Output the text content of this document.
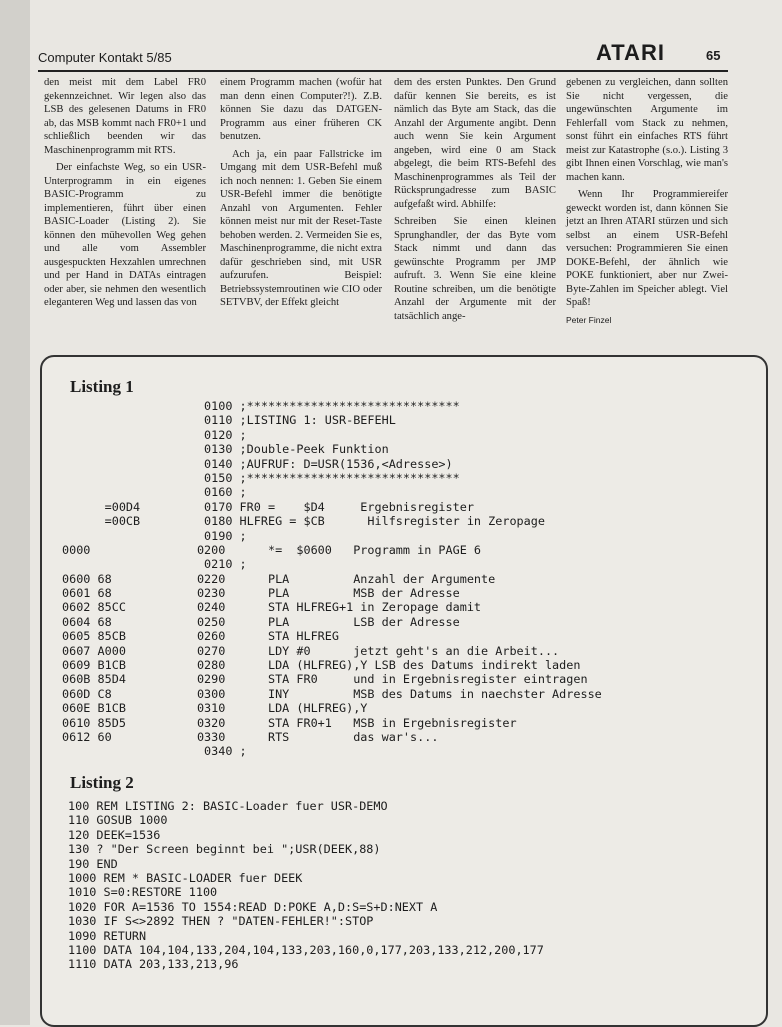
Computer Kontakt 5/85	ATARI	65

den meist mit dem Label FR0 gekennzeichnet. Wir legen also das LSB des gelesenen Datums in FR0 ab, das MSB kommt nach FR0+1 und schließlich beenden wir das Maschinenprogramm mit RTS.

Der einfachste Weg, so ein USR-Unterprogramm in ein eigenes BASIC-Programm zu implementieren, führt über einen BASIC-Loader (Listing 2). Sie können den mühevollen Weg gehen und alle vom Assembler ausgespuckten Hexzahlen umrechnen und per Hand in DATAs eintragen oder aber, sie nehmen den wesentlich eleganteren Weg und lassen das von

einem Programm machen (wofür hat man denn einen Computer?!). Z.B. können Sie dazu das DATGEN-Programm aus einer früheren CK benutzen.

Ach ja, ein paar Fallstricke im Umgang mit dem USR-Befehl muß ich noch nennen: 1. Geben Sie einem USR-Befehl immer die benötigte Anzahl von Argumenten. Fehler können meist nur mit der Reset-Taste behoben werden. 2. Vermeiden Sie es, Maschinenprogramme, die nicht extra dafür geschrieben sind, mit USR aufzurufen. Beispiel: Betriebssystemroutinen wie CIO oder SETVBV, der Effekt gleicht

dem des ersten Punktes. Den Grund dafür kennen Sie bereits, es ist nämlich das Byte am Stack, das die Anzahl der Argumente angibt. Denn auch wenn Sie kein Argument angeben, wird eine 0 am Stack abgelegt, die beim RTS-Befehl des Maschinenprogrammes als Teil der Rücksprungadresse zum BASIC aufgefaßt wird. Abhilfe:

Schreiben Sie einen kleinen Sprunghandler, der das Byte vom Stack nimmt und dann das gewünschte Programm per JMP aufruft. 3. Wenn Sie eine kleine Routine schreiben, um die benötigte Anzahl der Argumente mit der tatsächlich ange-

gebenen zu vergleichen, dann sollten Sie nicht vergessen, die ungewünschten Argumente im Fehlerfall vom Stack zu nehmen, sonst führt ein einfaches RTS führt meist zur Katastrophe (s.o.). Listing 3 gibt Ihnen einen Vorschlag, wie man's machen kann.

Wenn Ihr Programmiereifer geweckt worden ist, dann können Sie jetzt an Ihren ATARI stürzen und sich selbst an einem USR-Befehl versuchen: Programmieren Sie einen DOKE-Befehl, der ähnlich wie POKE funktioniert, aber nur Zwei-Byte-Zahlen im Speicher ablegt. Viel Spaß!

Peter Finzel
Listing 1
0100 ;******************************
0110 ;LISTING 1: USR-BEFEHL
0120 ;
0130 ;Double-Peek Funktion
0140 ;AUFRUF: D=USR(1536,<Adresse>)
0150 ;******************************
0160 ;
=00D4         0170 FR0 =    $D4     Ergebnisregister
=00CB         0180 HLFREG = $CB      Hilfsregister in Zeropage
0190 ;
0000               0200      *=  $0600   Programm in PAGE 6
0210 ;
0600 68            0220      PLA         Anzahl der Argumente
0601 68            0230      PLA         MSB der Adresse
0602 85CC          0240      STA HLFREG+1 in Zeropage damit
0604 68            0250      PLA         LSB der Adresse
0605 85CB          0260      STA HLFREG
0607 A000          0270      LDY #0      jetzt geht's an die Arbeit...
0609 B1CB          0280      LDA (HLFREG),Y LSB des Datums indirekt laden
060B 85D4          0290      STA FR0     und in Ergebnisregister eintragen
060D C8            0300      INY         MSB des Datums in naechster Adresse
060E B1CB          0310      LDA (HLFREG),Y
0610 85D5          0320      STA FR0+1   MSB in Ergebnisregister
0612 60            0330      RTS         das war's...
0340 ;
Listing 2
100 REM LISTING 2: BASIC-Loader fuer USR-DEMO
110 GOSUB 1000
120 DEEK=1536
130 ? "Der Screen beginnt bei ";USR(DEEK,88)
190 END
1000 REM * BASIC-LOADER fuer DEEK
1010 S=0:RESTORE 1100
1020 FOR A=1536 TO 1554:READ D:POKE A,D:S=S+D:NEXT A
1030 IF S<>2892 THEN ? "DATEN-FEHLER!":STOP
1090 RETURN
1100 DATA 104,104,133,204,104,133,203,160,0,177,203,133,212,200,177
1110 DATA 203,133,213,96
